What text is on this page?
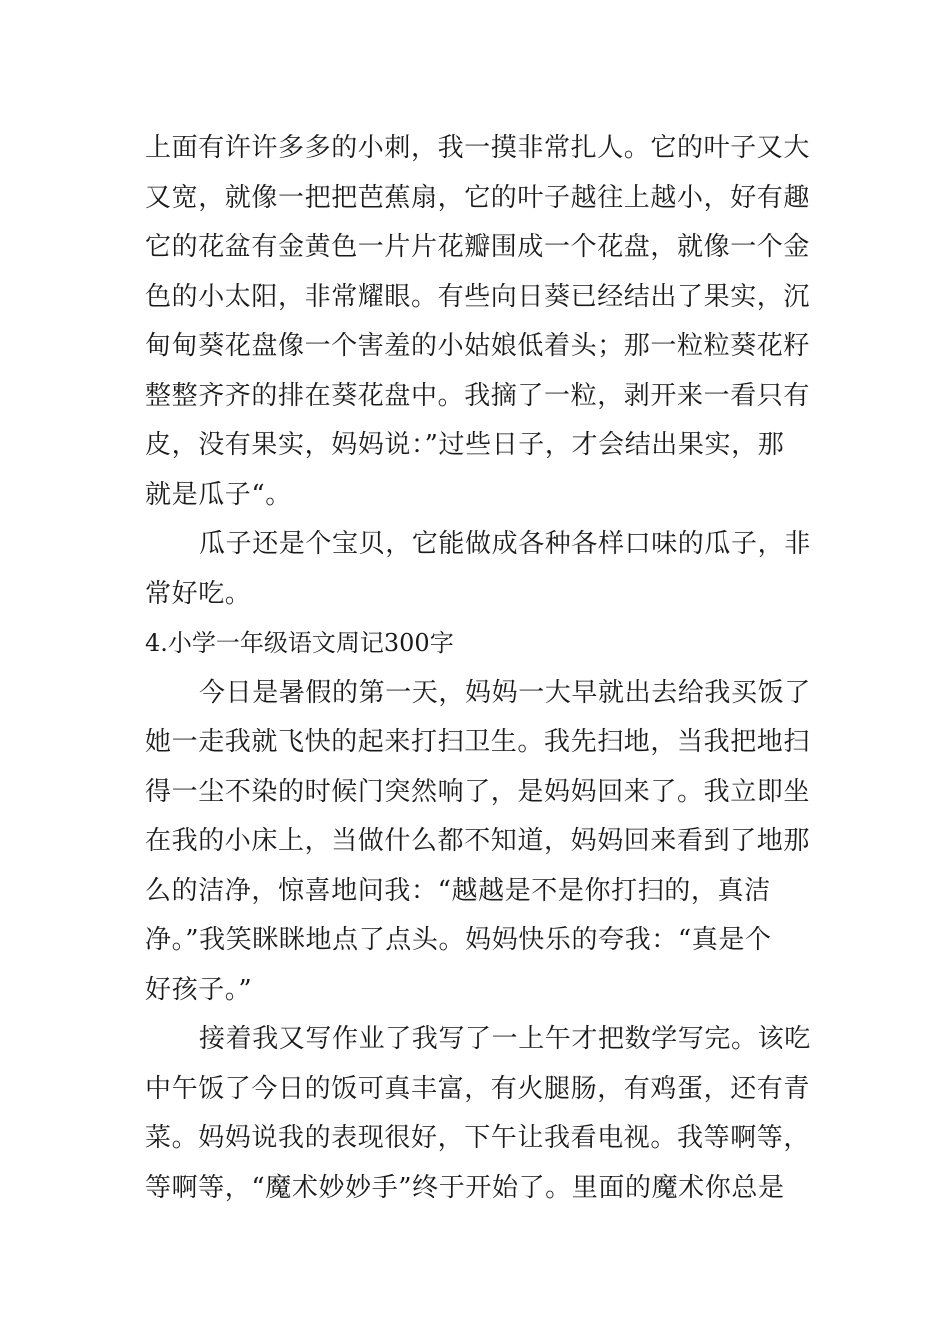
上面有许许多多的小刺，我一摸非常扎人。它的叶子又大
又宽，就像一把把芭蕉扇，它的叶子越往上越小，好有趣
它的花盆有金黄色一片片花瓣围成一个花盘，就像一个金
色的小太阳，非常耀眼。有些向日葵已经结出了果实，沉
甸甸葵花盘像一个害羞的小姑娘低着头；那一粒粒葵花籽
整整齐齐的排在葵花盘中。我摘了一粒，剥开来一看只有
皮，没有果实，妈妈说：”过些日子，才会结出果实，那
就是瓜子“。
瓜子还是个宝贝，它能做成各种各样口味的瓜子，非
常好吃。
4.小学一年级语文周记300字
今日是暑假的第一天，妈妈一大早就出去给我买饭了
她一走我就飞快的起来打扫卫生。我先扫地，当我把地扫
得一尘不染的时候门突然响了，是妈妈回来了。我立即坐
在我的小床上，当做什么都不知道，妈妈回来看到了地那
么的洁净，惊喜地问我：“越越是不是你打扫的，真洁
净。”我笑眯眯地点了点头。妈妈快乐的夸我：“真是个
好孩子。”
接着我又写作业了我写了一上午才把数学写完。该吃
中午饭了今日的饭可真丰富，有火腿肠，有鸡蛋，还有青
菜。妈妈说我的表现很好，下午让我看电视。我等啊等，
等啊等，“魔术妙妙手”终于开始了。里面的魔术你总是
